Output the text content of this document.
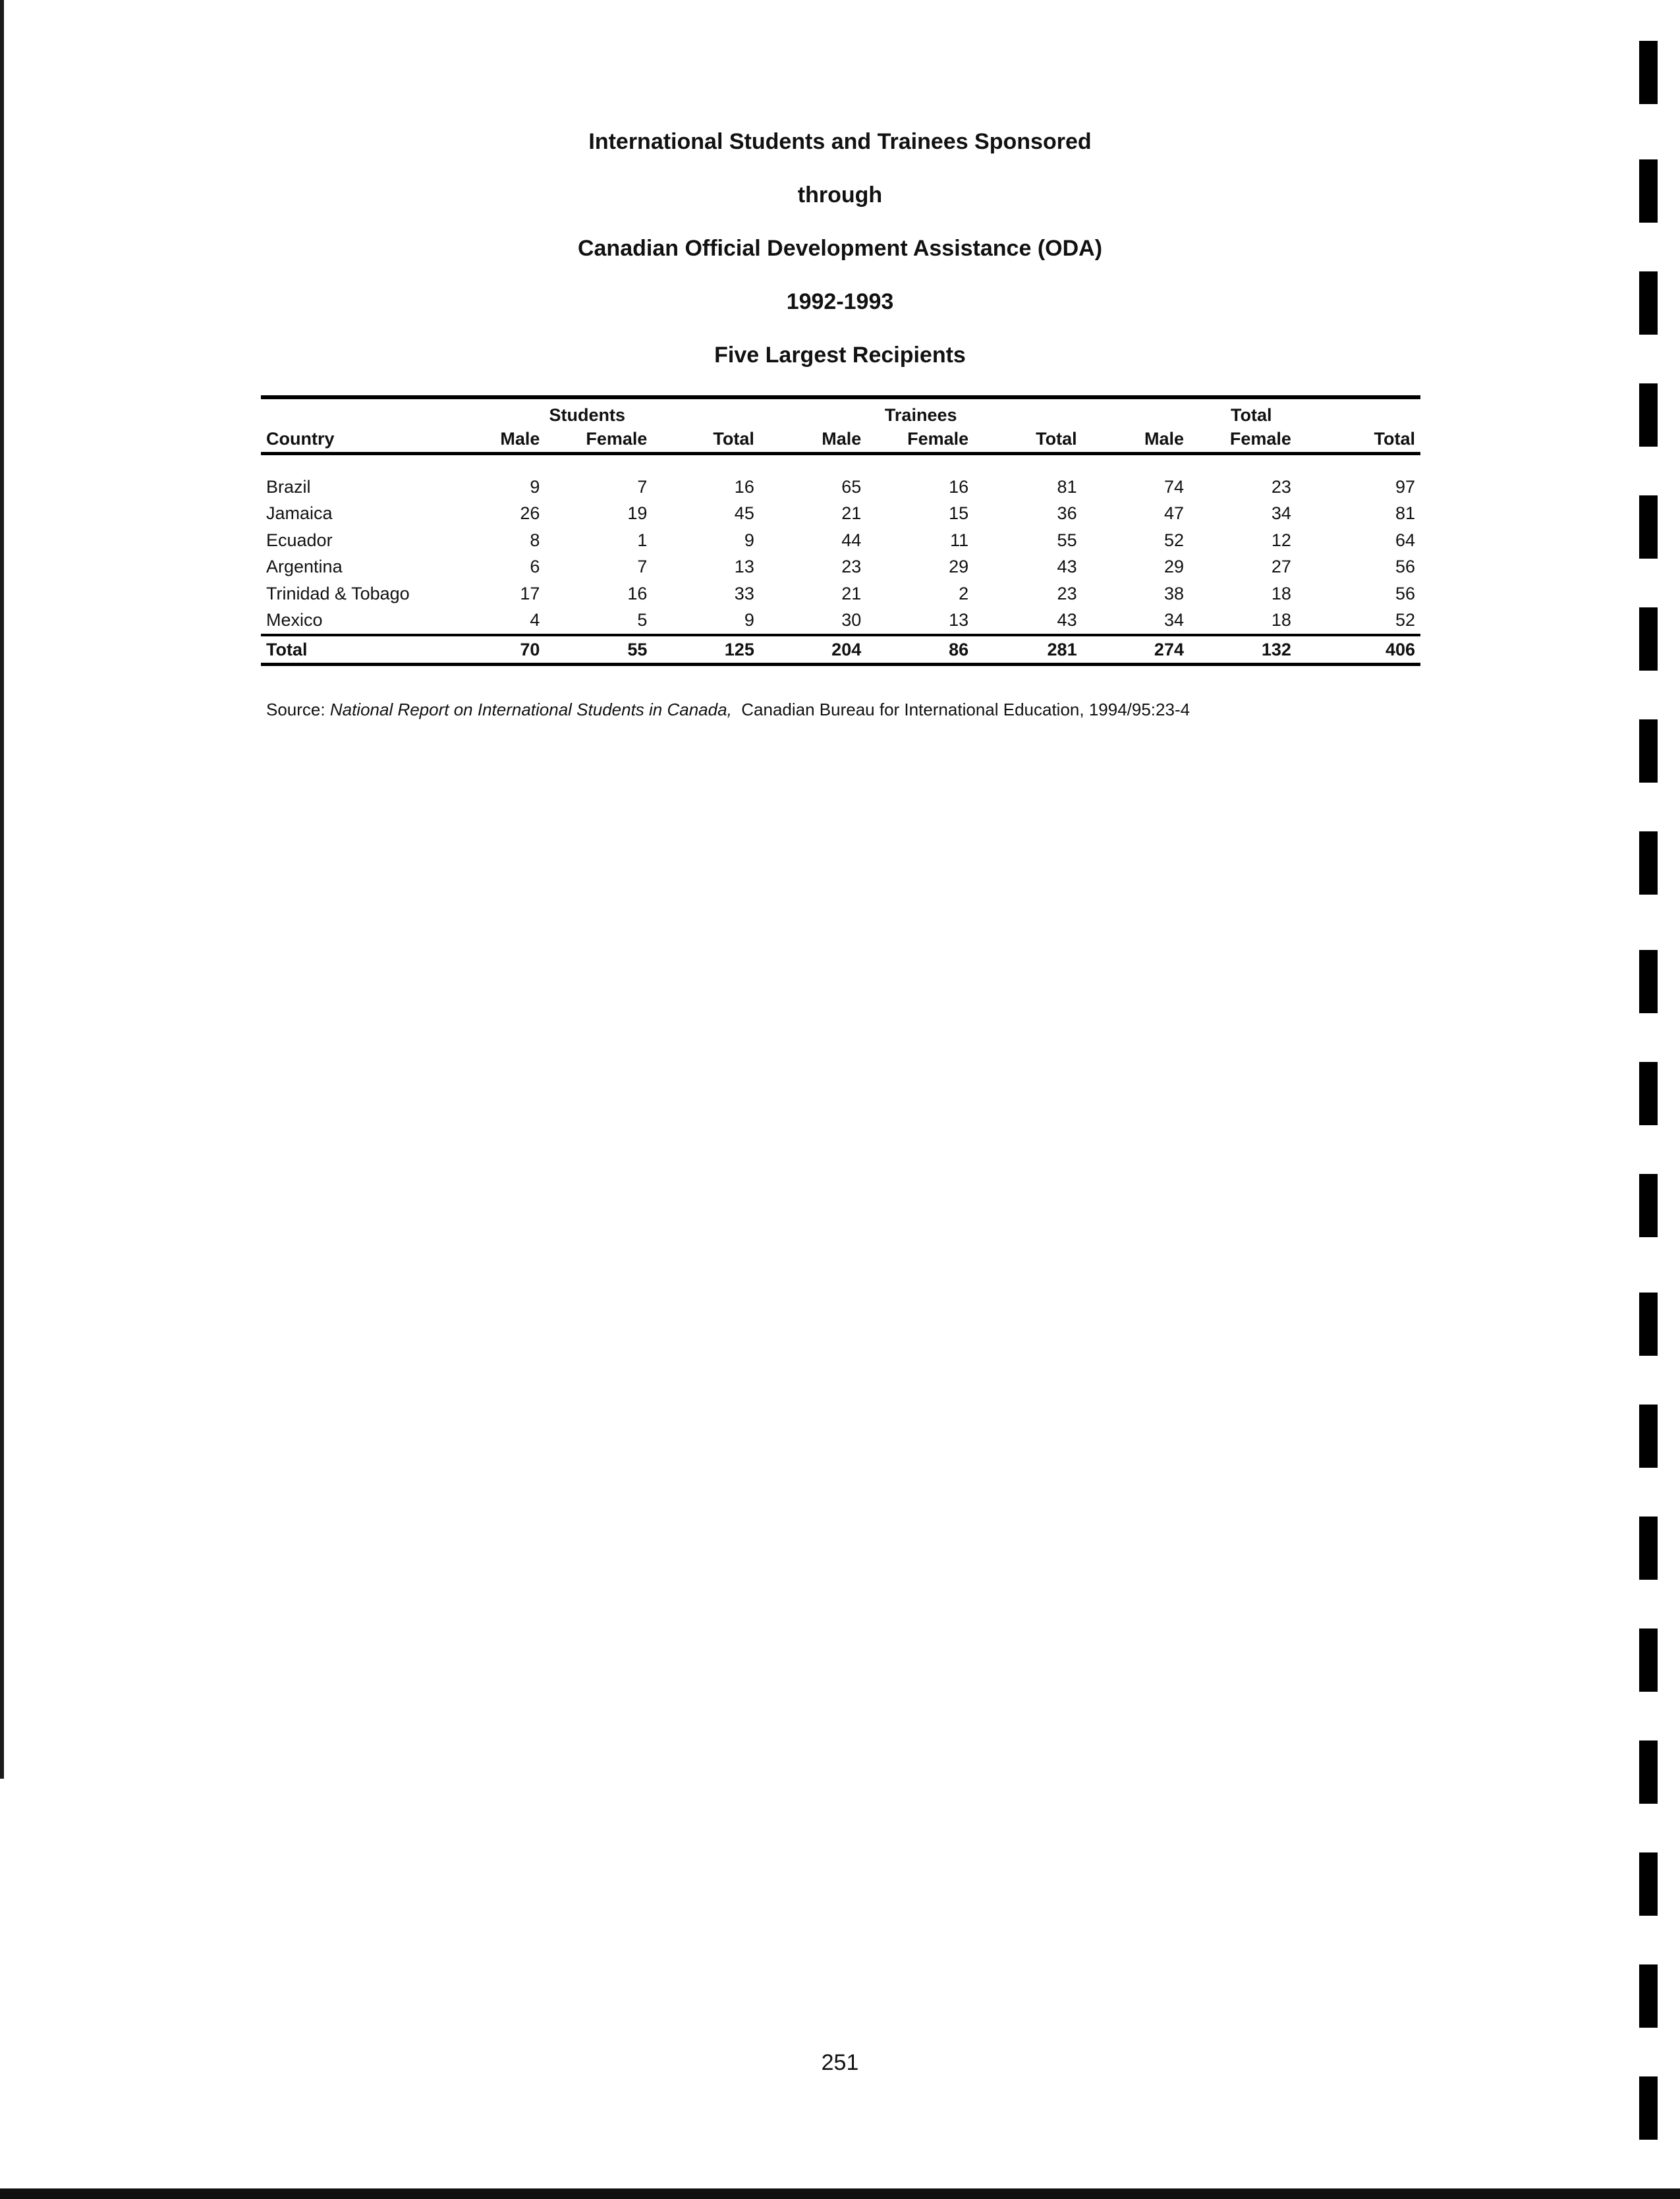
International Students and Trainees Sponsored
through
Canadian Official Development Assistance (ODA)
1992-1993
Five Largest Recipients
	Students			Trainees			Total		
Country	Male	Female	Total	Male	Female	Total	Male	Female	Total

Brazil	9	7	16	65	16	81	74	23	97
Jamaica	26	19	45	21	15	36	47	34	81
Ecuador	8	1	9	44	11	55	52	12	64
Argentina	6	7	13	23	29	43	29	27	56
Trinidad & Tobago	17	16	33	21	2	23	38	18	56
Mexico	4	5	9	30	13	43	34	18	52
Total	70	55	125	204	86	281	274	132	406
Source: National Report on International Students in Canada,  Canadian Bureau for International Education, 1994/95:23-4
251
